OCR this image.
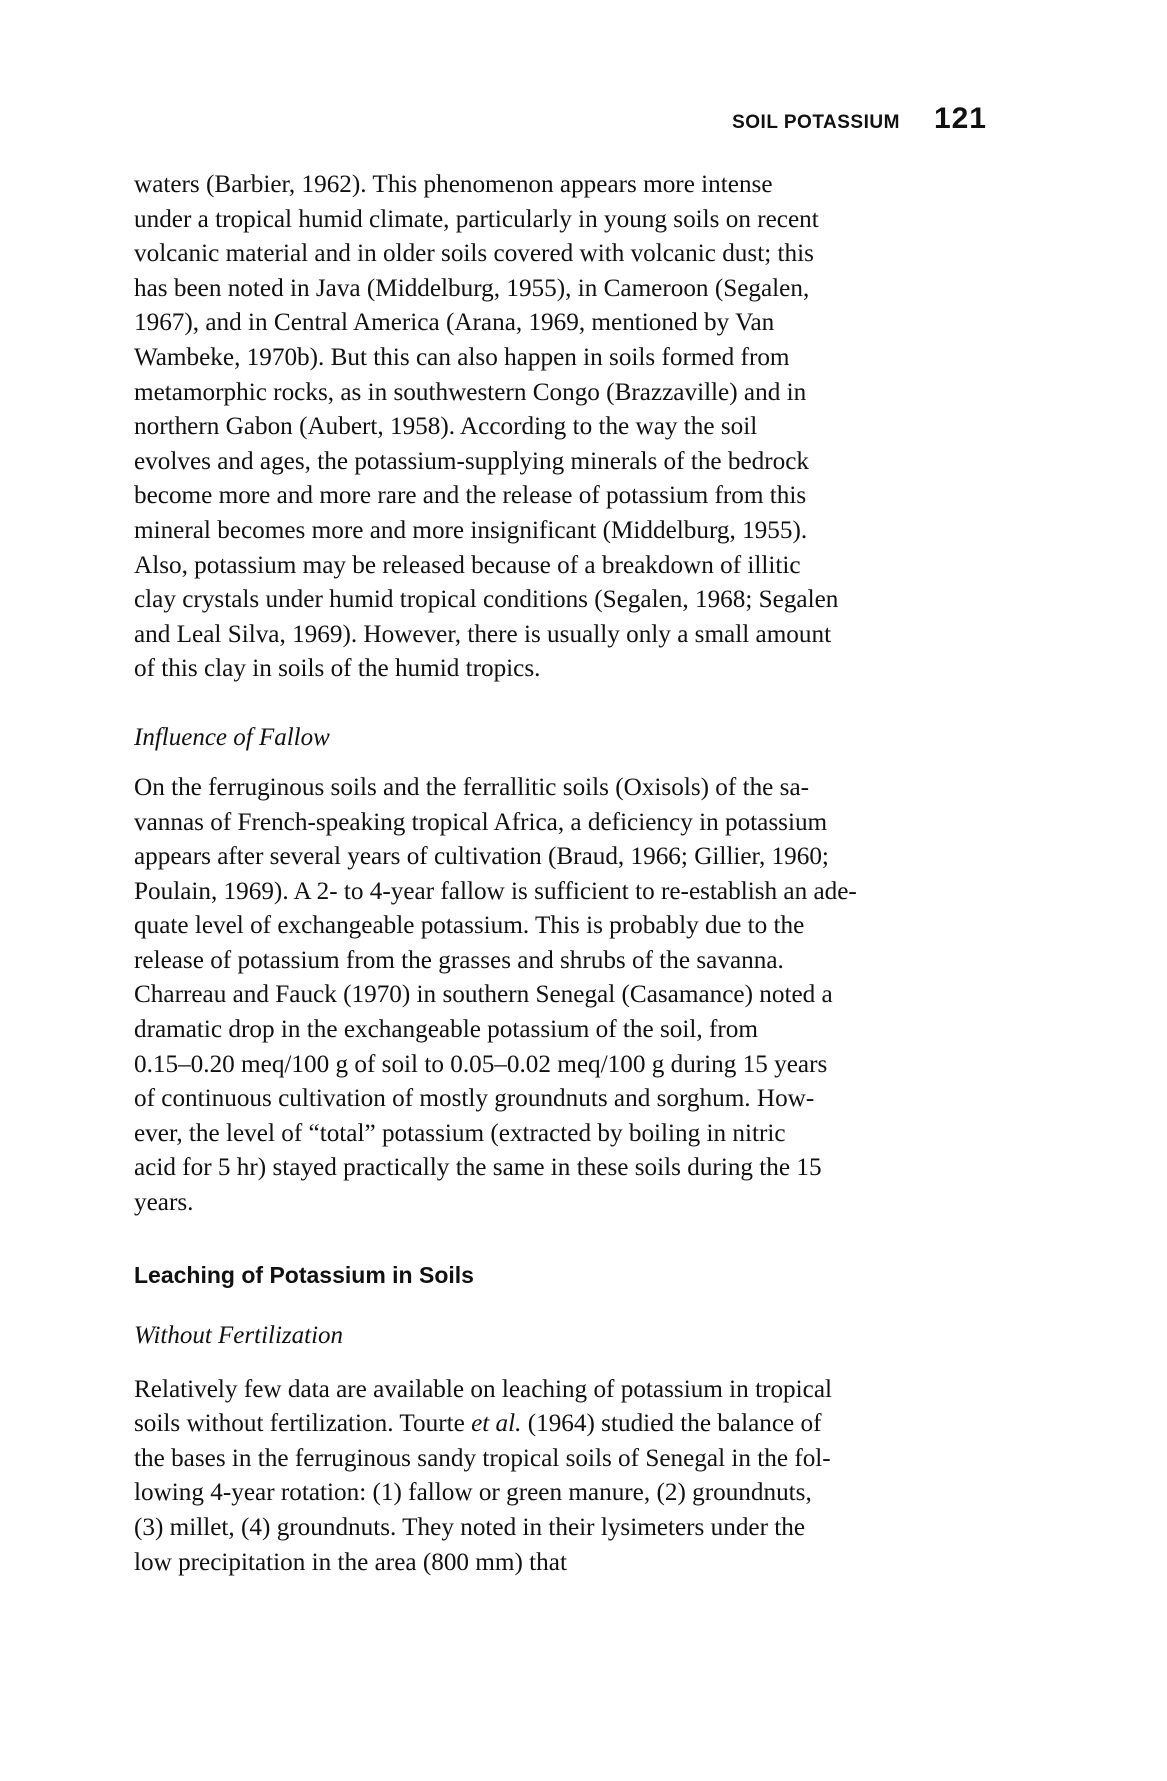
SOIL POTASSIUM 121

waters (Barbier, 1962). This phenomenon appears more intense
under a tropical humid climate, particularly in young soils on recent
volcanic material and in older soils covered with volcanic dust; this
has been noted in Java (Middelburg, 1955), in Cameroon (Segalen,
1967), and in Central America (Arana, 1969, mentioned by Van
Wambeke, 1970b). But this can also happen in soils formed from
metamorphic rocks, as in southwestern Congo (Brazzaville) and in
northern Gabon (Aubert, 1958). According to the way the soil
evolves and ages, the potassium-supplying minerals of the bedrock
become more and more rare and the release of potassium from this
mineral becomes more and more insignificant (Middelburg, 1955).
Also, potassium may be released because of a breakdown of illitic
clay crystals under humid tropical conditions (Segalen, 1968; Segalen
and Leal Silva, 1969). However, there is usually only a small amount
of this clay in soils of the humid tropics.

Influence of Fallow

On the ferruginous soils and the ferrallitic soils (Oxisols) of the sa-
vannas of French-speaking tropical Africa, a deficiency in potassium
appears after several years of cultivation (Braud, 1966; Gillier, 1960;
Poulain, 1969). A 2- to 4-year fallow is sufficient to re-establish an ade-
quate level of exchangeable potassium. This is probably due to the
release of potassium from the grasses and shrubs of the savanna.
Charreau and Fauck (1970) in southern Senegal (Casamance) noted a
dramatic drop in the exchangeable potassium of the soil, from
0.15–0.20 meq/100 g of soil to 0.05–0.02 meq/100 g during 15 years
of continuous cultivation of mostly groundnuts and sorghum. How-
ever, the level of “total” potassium (extracted by boiling in nitric
acid for 5 hr) stayed practically the same in these soils during the 15
years.

Leaching of Potassium in Soils

Without Fertilization

Relatively few data are available on leaching of potassium in tropical
soils without fertilization. Tourte et al. (1964) studied the balance of
the bases in the ferruginous sandy tropical soils of Senegal in the fol-
lowing 4-year rotation: (1) fallow or green manure, (2) groundnuts,
(3) millet, (4) groundnuts. They noted in their lysimeters under the
low precipitation in the area (800 mm) that
